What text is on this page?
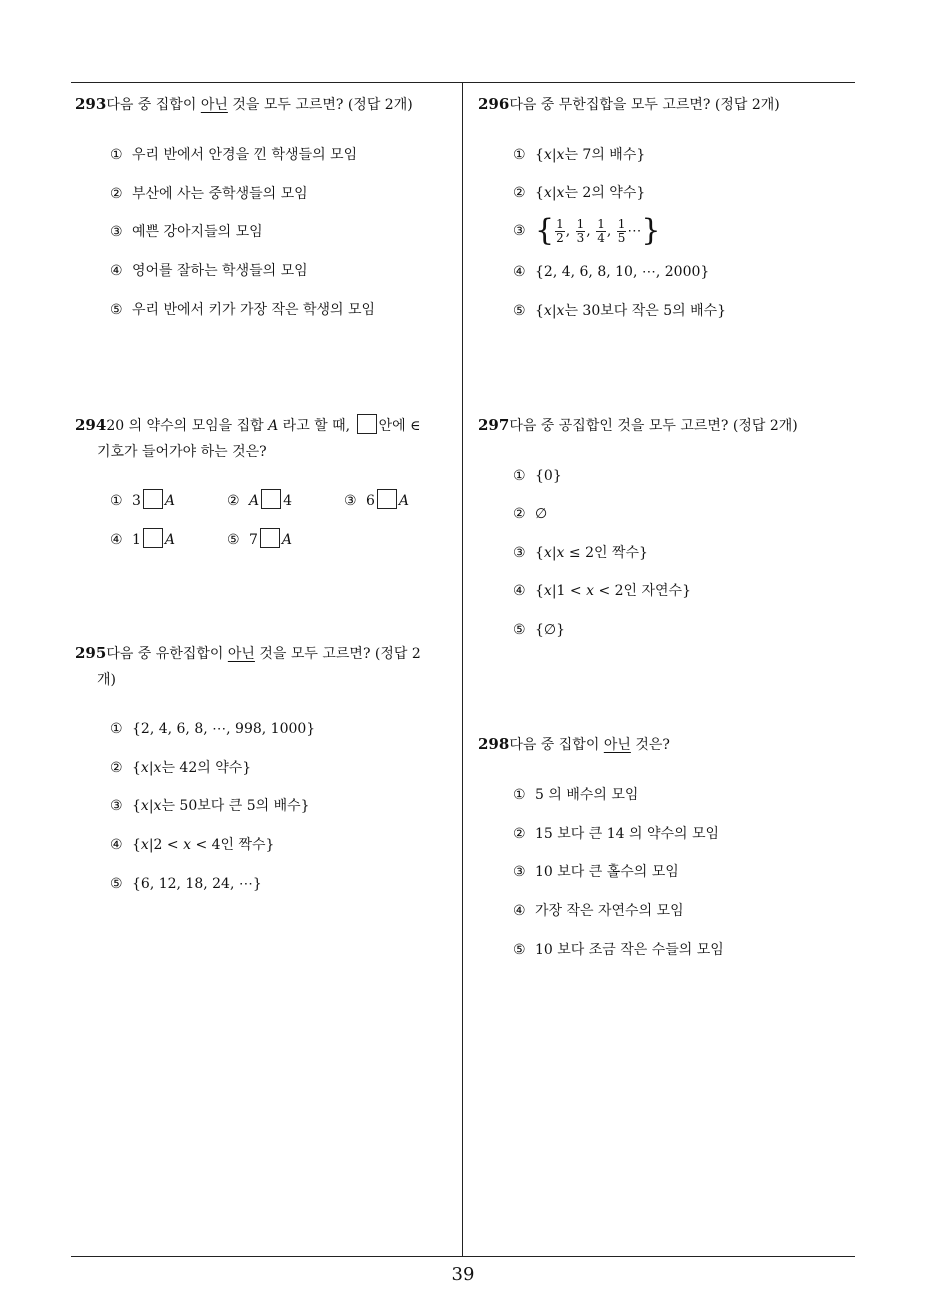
293다음 중 집합이 아닌 것을 모두 고르면? (정답 2개)
① 우리 반에서 안경을 낀 학생들의 모임
② 부산에 사는 중학생들의 모임
③ 예쁜 강아지들의 모임
④ 영어를 잘하는 학생들의 모임
⑤ 우리 반에서 키가 가장 작은 학생의 모임
29420 의 약수의 모임을 집합 A 라고 할 때, 안에 ∈
기호가 들어가야 하는 것은?
① 3 A	② A 4	③ 6 A
④ 1 A	⑤ 7 A
295다음 중 유한집합이 아닌 것을 모두 고르면? (정답 2
개)
① {2, 4, 6, 8, ⋯, 998, 1000}
② {x|x는 42의 약수}
③ {x|x는 50보다 큰 5의 배수}
④ {x|2 < x < 4인 짝수}
⑤ {6, 12, 18, 24, ⋯}
296다음 중 무한집합을 모두 고르면? (정답 2개)
① {x|x는 7의 배수}
② {x|x는 2의 약수}
③ { $\frac{1}{2}$ , $\frac{1}{3}$ , $\frac{1}{4}$ , $\frac{1}{5}$ ⋯}
④ {2, 4, 6, 8, 10, ⋯, 2000}
⑤ {x|x는 30보다 작은 5의 배수}
297다음 중 공집합인 것을 모두 고르면? (정답 2개)
① {0}
② ∅
③ {x|x ≤ 2인 짝수}
④ {x|1 < x < 2인 자연수}
⑤ {∅}
298다음 중 집합이 아닌 것은?
① 5 의 배수의 모임
② 15 보다 큰 14 의 약수의 모임
③ 10 보다 큰 홀수의 모임
④ 가장 작은 자연수의 모임
⑤ 10 보다 조금 작은 수들의 모임
39
